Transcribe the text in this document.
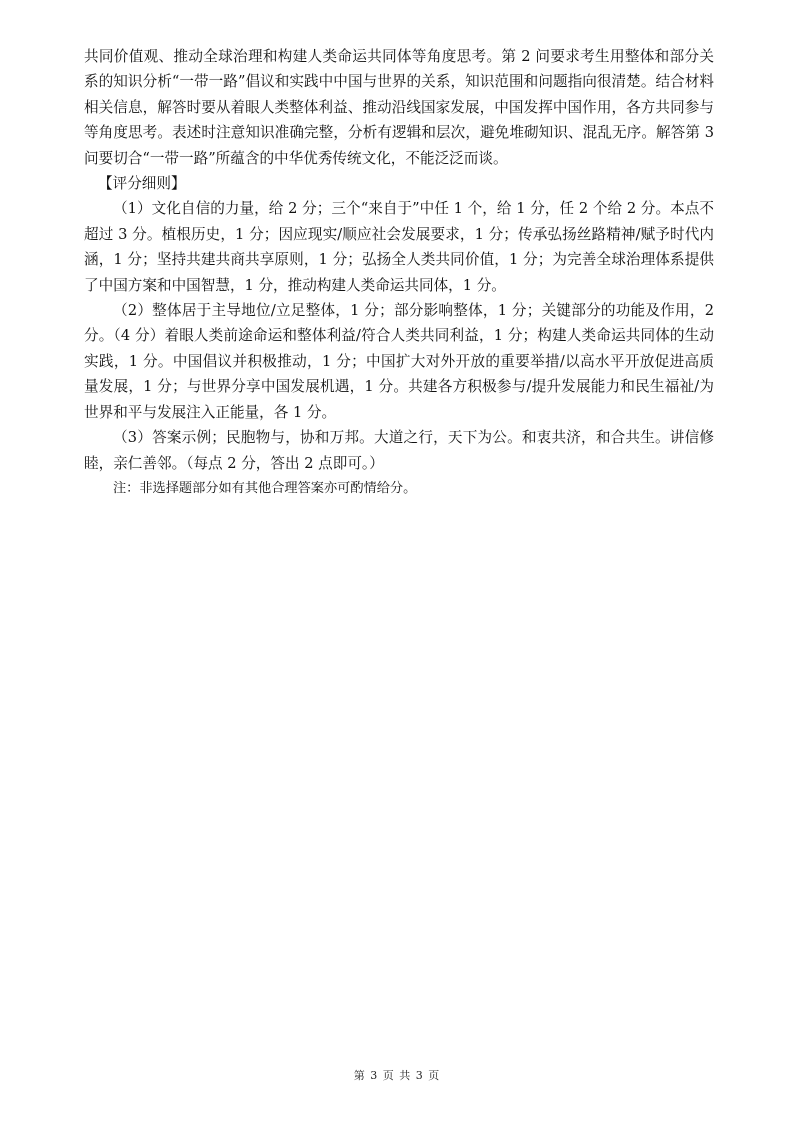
共同价值观、推动全球治理和构建人类命运共同体等角度思考。第 2 问要求考生用整体和部分关系的知识分析“一带一路”倡议和实践中中国与世界的关系，知识范围和问题指向很清楚。结合材料相关信息，解答时要从着眼人类整体利益、推动沿线国家发展，中国发挥中国作用，各方共同参与等角度思考。表述时注意知识准确完整，分析有逻辑和层次，避免堆砌知识、混乱无序。解答第 3 问要切合“一带一路”所蕴含的中华优秀传统文化，不能泛泛而谈。

【评分细则】

（1）文化自信的力量，给 2 分；三个“来自于”中任 1 个，给 1 分，任 2 个给 2 分。本点不超过 3 分。植根历史，1 分；因应现实/顺应社会发展要求，1 分；传承弘扬丝路精神/赋予时代内涵，1 分；坚持共建共商共享原则，1 分；弘扬全人类共同价值，1 分；为完善全球治理体系提供了中国方案和中国智慧，1 分，推动构建人类命运共同体，1 分。

（2）整体居于主导地位/立足整体，1 分；部分影响整体，1 分；关键部分的功能及作用，2 分。（4 分）着眼人类前途命运和整体利益/符合人类共同利益，1 分；构建人类命运共同体的生动实践，1 分。中国倡议并积极推动，1 分；中国扩大对外开放的重要举措/以高水平开放促进高质量发展，1 分；与世界分享中国发展机遇，1 分。共建各方积极参与/提升发展能力和民生福祉/为世界和平与发展注入正能量，各 1 分。

（3）答案示例；民胞物与，协和万邦。大道之行，天下为公。和衷共济，和合共生。讲信修睦，亲仁善邻。（每点 2 分，答出 2 点即可。）

注：非选择题部分如有其他合理答案亦可酌情给分。

第 3 页 共 3 页
